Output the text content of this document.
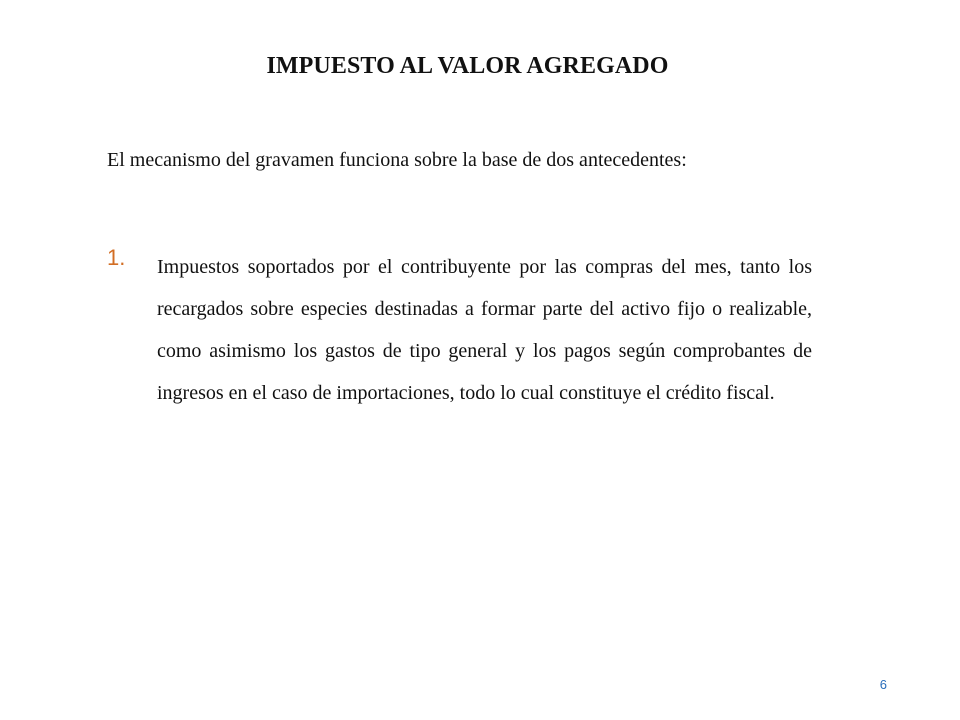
IMPUESTO AL VALOR AGREGADO
El mecanismo del gravamen funciona sobre la base de dos antecedentes:
1. Impuestos soportados por el contribuyente por las compras del mes, tanto los recargados sobre especies destinadas a formar parte del activo fijo o realizable, como asimismo los gastos de tipo general y los pagos según comprobantes de ingresos en el caso de importaciones, todo lo cual constituye el crédito fiscal.
6
